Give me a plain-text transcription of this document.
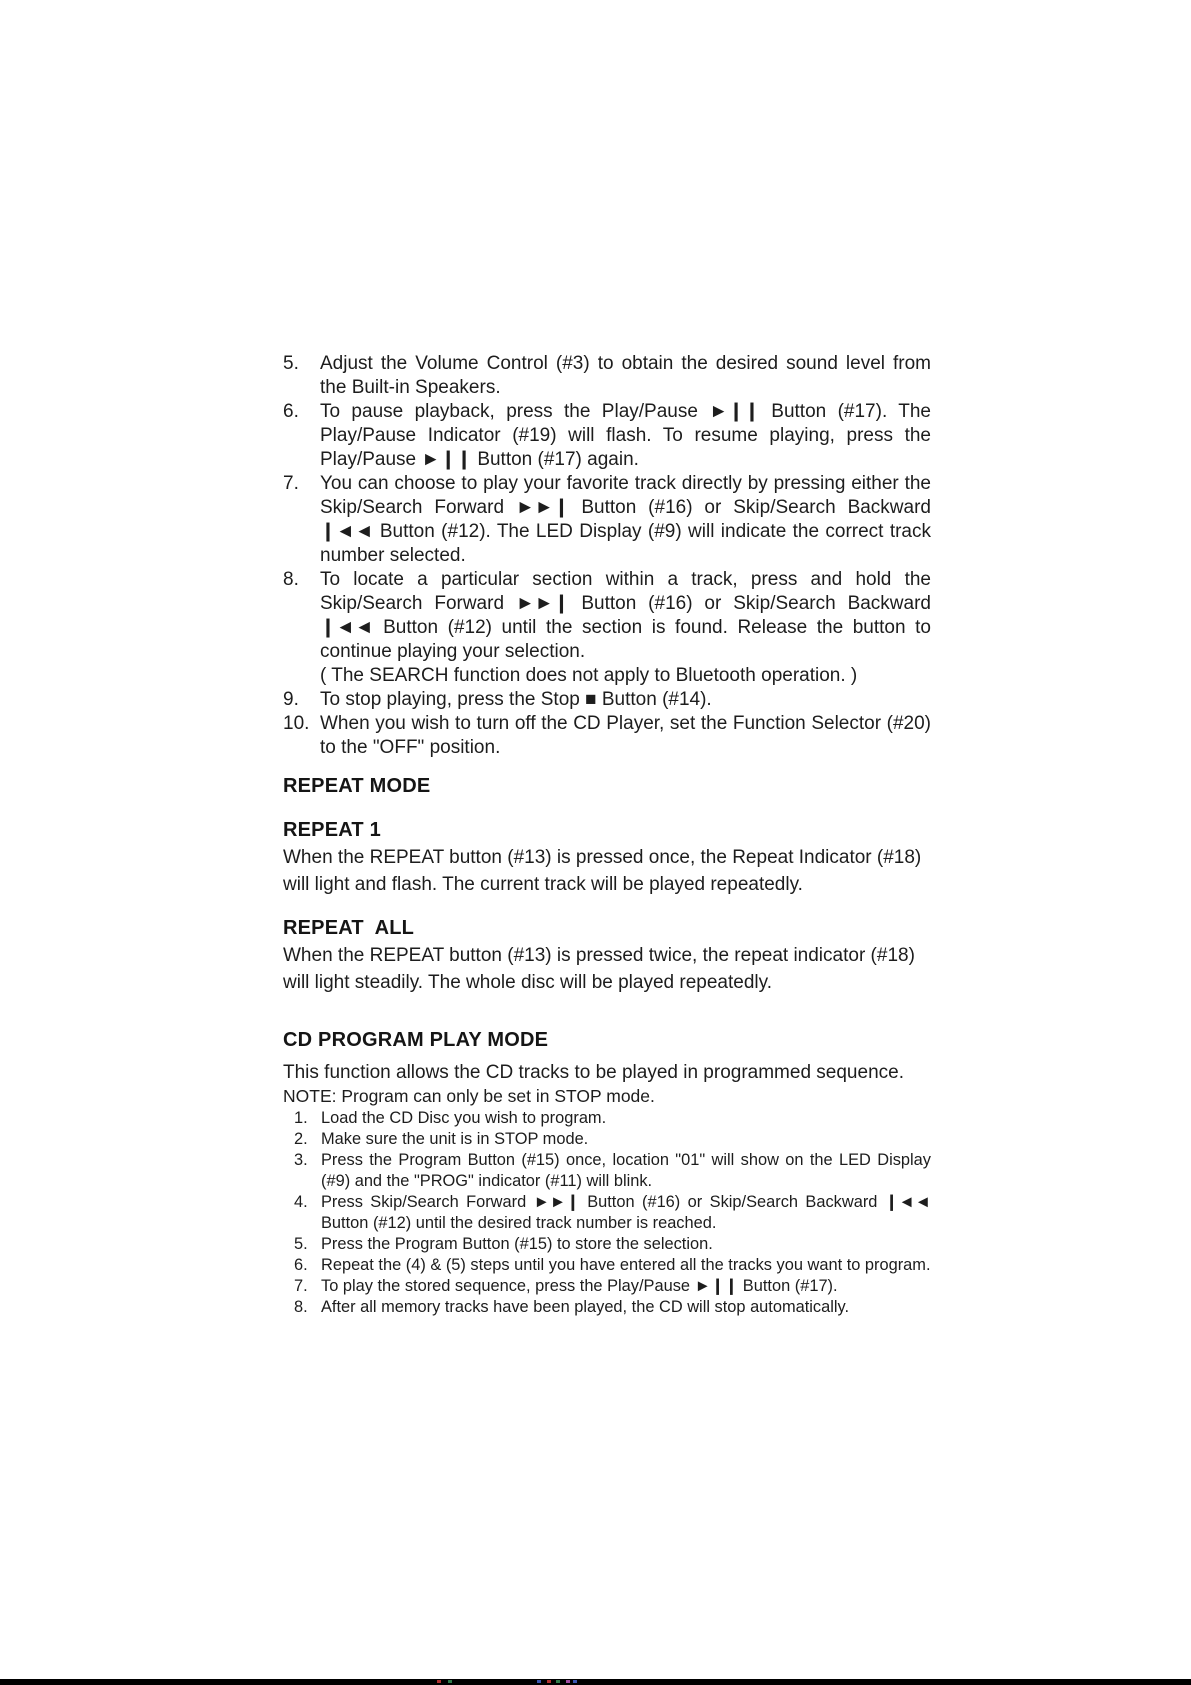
5.	Adjust the Volume Control (#3) to obtain the desired sound level from the Built-in Speakers.
6.	To pause playback, press the Play/Pause ►❙❙ Button (#17). The Play/Pause Indicator (#19) will flash. To resume playing, press the Play/Pause ►❙❙ Button (#17) again.
7.	You can choose to play your favorite track directly by pressing either the Skip/Search Forward ►►❙ Button (#16) or Skip/Search Backward ❙◄◄ Button (#12). The LED Display (#9) will indicate the correct track number selected.
8.	To locate a particular section within a track, press and hold the Skip/Search Forward ►►❙ Button (#16) or Skip/Search Backward ❙◄◄ Button (#12) until the section is found. Release the button to continue playing your selection.
( The SEARCH function does not apply to Bluetooth operation. )
9.	To stop playing, press the Stop ■ Button (#14).
10. When you wish to turn off the CD Player, set the Function Selector (#20) to the "OFF" position.
REPEAT MODE
REPEAT 1

When the REPEAT button (#13) is pressed once, the Repeat Indicator (#18) will light and flash. The current track will be played repeatedly.

REPEAT  ALL

When the REPEAT button (#13) is pressed twice, the repeat indicator (#18) will light steadily. The whole disc will be played repeatedly.

CD PROGRAM PLAY MODE

This function allows the CD tracks to be played in programmed sequence.

NOTE: Program can only be set in STOP mode.

1. Load the CD Disc you wish to program.
2. Make sure the unit is in STOP mode.
3. Press the Program Button (#15) once, location "01" will show on the LED Display (#9) and the "PROG" indicator (#11) will blink.
4. Press Skip/Search Forward ►►❙ Button (#16) or Skip/Search Backward ❙◄◄ Button (#12) until the desired track number is reached.
5. Press the Program Button (#15) to store the selection.
6. Repeat the (4) & (5) steps until you have entered all the tracks you want to program.
7. To play the stored sequence, press the Play/Pause ►❙❙ Button (#17).
8. After all memory tracks have been played, the CD will stop automatically.
